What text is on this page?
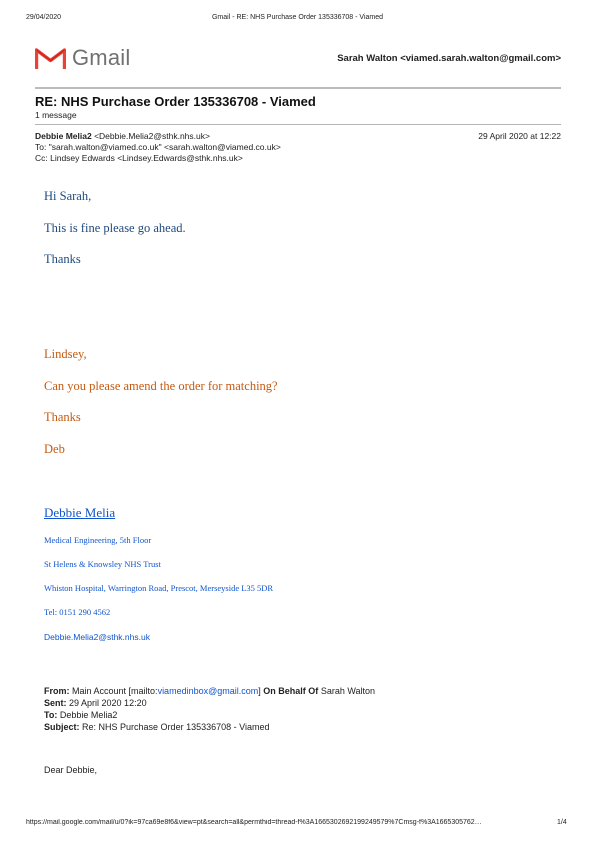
29/04/2020	Gmail - RE: NHS Purchase Order 135336708 - Viamed
Gmail	Sarah Walton <viamed.sarah.walton@gmail.com>
RE: NHS Purchase Order 135336708 - Viamed
1 message
Debbie Melia2 <Debbie.Melia2@sthk.nhs.uk>	29 April 2020 at 12:22
To: "sarah.walton@viamed.co.uk" <sarah.walton@viamed.co.uk>
Cc: Lindsey Edwards <Lindsey.Edwards@sthk.nhs.uk>
Hi Sarah,
This is fine please go ahead.
Thanks
Lindsey,
Can you please amend the order for matching?
Thanks
Deb
Debbie Melia
Medical Engineering, 5th Floor
St Helens & Knowsley NHS Trust
Whiston Hospital, Warrington Road, Prescot, Merseyside L35 5DR
Tel: 0151 290 4562
Debbie.Melia2@sthk.nhs.uk
From: Main Account [mailto:viamedinbox@gmail.com] On Behalf Of Sarah Walton
Sent: 29 April 2020 12:20
To: Debbie Melia2
Subject: Re: NHS Purchase Order 135336708 - Viamed
Dear Debbie,
https://mail.google.com/mail/u/0?ik=97ca69e8f6&view=pt&search=all&permthid=thread-f%3A1665302692199249579%7Cmsg-f%3A1665305762…	1/4
